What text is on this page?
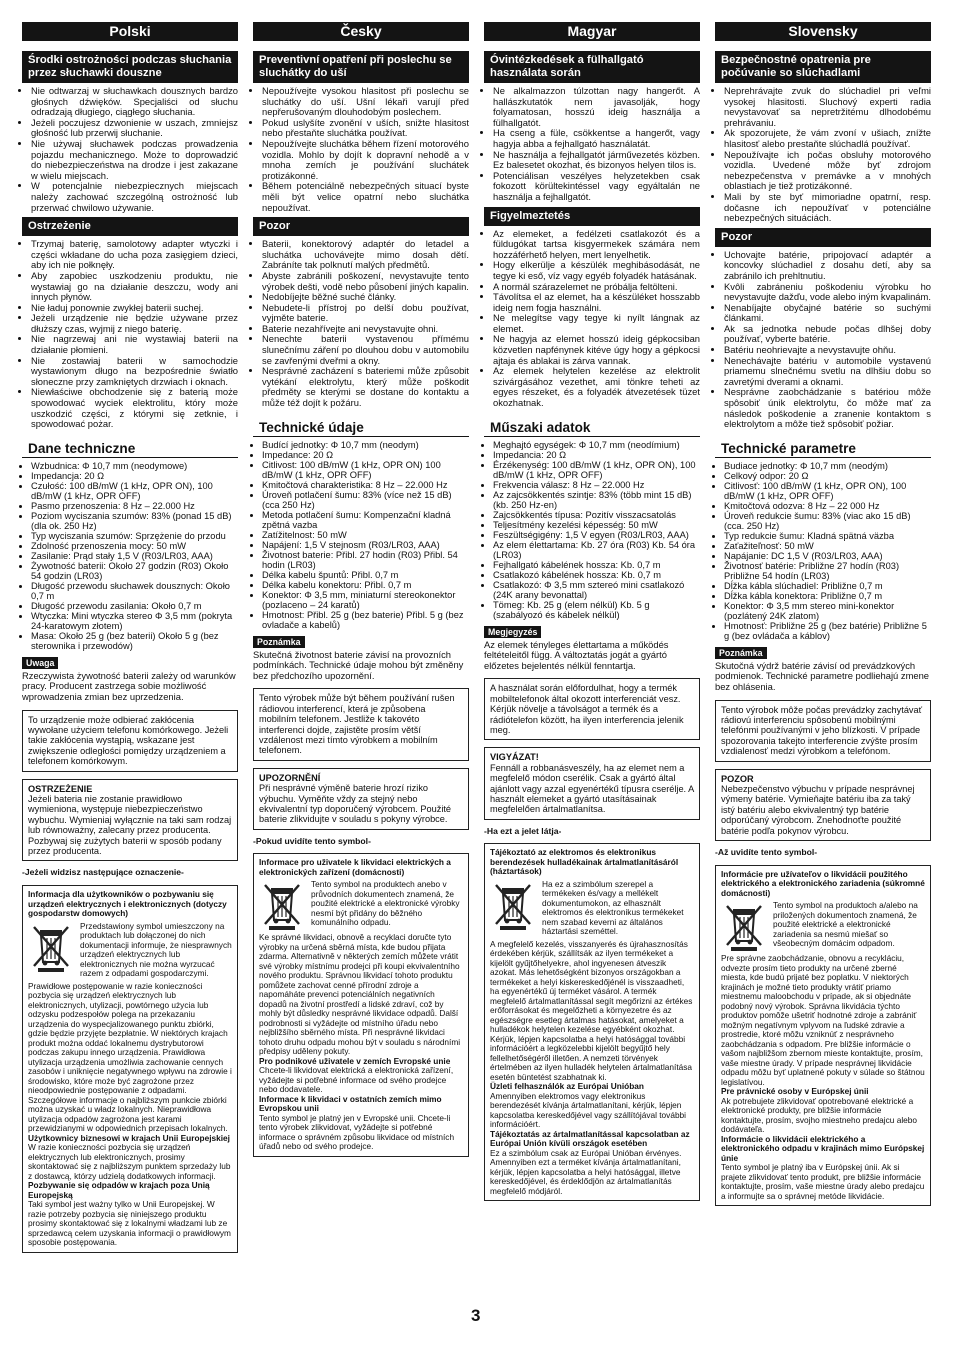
Polski
Środki ostrożności podczas słuchania przez słuchawki douszne
• Nie odtwarzaj w słuchawkach dousznych bardzo głośnych dźwięków. Specjaliści od słuchu odradzają długiego, ciągłego słuchania.
• Jeżeli poczujesz dzwonienie w uszach, zmniejsz głośność lub przerwij słuchanie.
• Nie używaj słuchawek podczas prowadzenia pojazdu mechanicznego. Może to doprowadzić do niebezpieczeństwa na drodze i jest zakazane w wielu miejscach.
• W potencjalnie niebezpiecznych miejscach należy zachować szczególną ostrożność lub przerwać chwilowo używanie.
Ostrzeżenie
• Trzymaj baterię, samolotowy adapter wtyczki i części wkładane do ucha poza zasięgiem dzieci, aby ich nie połknęły.
• Aby zapobiec uszkodzeniu produktu, nie wystawiaj go na działanie deszczu, wody ani innych płynów.
• Nie ładuj ponownie zwykłej baterii suchej.
• Jeżeli urządzenie nie będzie używane przez dłuższy czas, wyjmij z niego baterię.
• Nie nagrzewaj ani nie wystawiaj baterii na działanie płomieni.
• Nie zostawiaj baterii w samochodzie wystawionym długo na bezpośrednie światło słoneczne przy zamkniętych drzwiach i oknach.
• Niewłaściwe obchodzenie się z baterią może spowodować wyciek elektrolitu, który może uszkodzić części, z którymi się zetknie, i spowodować pożar.
Dane techniczne
• Wzbudnica: Φ 10,7 mm (neodymowe)
• Impedancja: 20 Ω
• Czułość: 100 dB/mW (1 kHz, OPR ON), 100 dB/mW (1 kHz, OPR OFF)
• Pasmo przenoszenia: 8 Hz – 22.000 Hz
• Poziom wyciszania szumów: 83% (ponad 15 dB) (dla ok. 250 Hz)
• Typ wyciszania szumów: Sprzężenie do przodu
• Zdolność przenoszenia mocy: 50 mW
• Zasilanie: Prąd stały 1,5 V (R03/LR03, AAA)
• Żywotność baterii: Około 27 godzin (R03) Około 54 godzin (LR03)
• Długość przewodu słuchawek dousznych: Około 0,7 m
• Długość przewodu zasilania: Około 0,7 m
• Wtyczka: Mini wtyczka stereo Φ 3,5 mm (pokryta 24-karatowym złotem)
• Masa: Około 25 g (bez baterii) Około 5 g (bez sterownika i przewodów)
Uwaga

Rzeczywista żywotność baterii zależy od warunków pracy. Producent zastrzega sobie możliwość wprowadzenia zmian bez uprzedzenia.

To urządzenie może odbierać zakłócenia wywołane użyciem telefonu komórkowego. Jeżeli takie zakłócenia wystąpią, wskazane jest zwiększenie odległości pomiędzy urządzeniem a telefonem komórkowym.

OSTRZEŻENIE

Jeżeli bateria nie zostanie prawidłowo wymieniona, występuje niebezpieczeństwo wybuchu. Wymieniaj wyłącznie na taki sam rodzaj lub równoważny, zalecany przez producenta. Pozbywaj się zużytych baterii w sposób podany przez producenta.

-Jeżeli widzisz następujące oznaczenie-

Informacja dla użytkowników o pozbywaniu się urządzeń elektrycznych i elektronicznych (dotyczy gospodarstw domowych)

Przedstawiony symbol umieszczony na produktach lub dołączonej do nich dokumentacji informuje, że niesprawnych urządzeń elektrycznych lub elektronicznych nie można wyrzucać razem z odpadami gospodarczymi.

Prawidłowe postępowanie w razie konieczności pozbycia się urządzeń elektrycznych lub elektronicznych, utylizacji, powtórnego użycia lub odzysku podzespołów polega na przekazaniu urządzenia do wyspecjalizowanego punktu zbiórki, gdzie będzie przyjęte bezpłatnie. W niektórych krajach produkt można oddać lokalnemu dystrybutorowi podczas zakupu innego urządzenia. Prawidłowa utylizacja urządzenia umożliwia zachowanie cennych zasobów i uniknięcie negatywnego wpływu na zdrowie i środowisko, które może być zagrożone przez nieodpowiednie postępowanie z odpadami. Szczegółowe informacje o najbliższym punkcie zbiórki można uzyskać u władz lokalnych. Nieprawidłowa utylizacja odpadów zagrożona jest karami przewidzianymi w odpowiednich przepisach lokalnych.

Użytkownicy biznesowi w krajach Unii Europejskiej

W razie konieczności pozbycia się urządzeń elektrycznych lub elektronicznych, prosimy skontaktować się z najbliższym punktem sprzedaży lub z dostawcą, którzy udzielą dodatkowych informacji.

Pozbywanie się odpadów w krajach poza Unią Europejską

Taki symbol jest ważny tylko w Unii Europejskej. W razie potrzeby pozbycia się niniejszego produktu prosimy skontaktować się z lokalnymi władzami lub ze sprzedawcą celem uzyskania informacji o prawidłowym sposobie postępowania.

Česky
Preventivní opatření při poslechu se sluchátky do uší
• Nepoužívejte vysokou hlasitost při poslechu se sluchátky do uší. Ušní lékaři varují před nepřerušovaným dlouhodobým poslechem.
• Pokud uslyšíte zvonění v uších, snižte hlasitost nebo přestaňte sluchátka používat.
• Nepoužívejte sluchátka během řízení motorového vozidla. Mohlo by dojít k dopravní nehodě a v mnoha zemích je používání sluchátek protizákonné.
• Během potenciálně nebezpečných situací byste měli být velice opatrní nebo sluchátka nepoužívat.
Pozor
• Baterii, konektorový adaptér do letadel a sluchátka uchovávejte mimo dosah dětí. Zabráníte tak polknutí malých předmětů.
• Abyste zabránili poškození, nevystavujte tento výrobek dešti, vodě nebo působení jiných kapalin.
• Nedobíjejte běžné suché články.
• Nebudete-li přístroj po delší dobu používat, vyjměte baterie.
• Baterie nezahřívejte ani nevystavujte ohni.
• Nenechte baterii vystavenou přímému slunečnímu záření po dlouhou dobu v automobilu se zavřenými dveřmi a okny.
• Nesprávné zacházení s bateriemi může způsobit vytékání elektrolytu, který může poškodit předměty se kterými se dostane do kontaktu a může též dojít k požáru.
Technické údaje
• Budící jednotky: Φ 10,7 mm (neodym)
• Impedance: 20 Ω
• Citlivost: 100 dB/mW (1 kHz, OPR ON) 100 dB/mW (1 kHz, OPR OFF)
• Kmitočtová charakteristika: 8 Hz – 22.000 Hz
• Úroveň potlačení šumu: 83% (více než 15 dB) (cca 250 Hz)
• Metoda potlačení šumu: Kompenzační kladná zpětná vazba
• Zatížitelnost: 50 mW
• Napájení: 1,5 V stejnosm (R03/LR03, AAA)
• Životnost baterie: Přibl. 27 hodin (R03) Přibl. 54 hodin (LR03)
• Délka kabelu špuntů: Přibl. 0,7 m
• Délka kabelu konektoru: Přibl. 0,7 m
• Konektor: Φ 3,5 mm, miniaturní stereokonektor (pozlaceno – 24 karatů)
• Hmotnost: Přibl. 25 g (bez baterie) Přibl. 5 g (bez ovladače a kabelů)
Poznámka

Skutečná životnost baterie závisí na provozních podmínkách. Technické údaje mohou být změněny bez předchozího upozornění.

Tento výrobek může být během používání rušen rádiovou interferencí, která je způsobena mobilním telefonem. Jestliže k takovéto interferenci dojde, zajistěte prosím větší vzdálenost mezi tímto výrobkem a mobilním telefonem.

UPOZORNĚNÍ

Při nesprávné výměně baterie hrozí riziko výbuchu. Vyměňte vždy za stejný nebo ekvivalentní typ doporučený výrobcem. Použité baterie zlikvidujte v souladu s pokyny výrobce.

-Pokud uvidíte tento symbol-

Informace pro uživatele k likvidaci elektrických a elektronických zařízení (domácnosti)

Tento symbol na produktech anebo v průvodních dokumentech znamená, že použité elektrické a elektronické výrobky nesmí být přidány do běžného komunálního odpadu.

Ke správné likvidaci, obnově a recyklaci doručte tyto výrobky na určená sběrná místa, kde budou přijata zdarma. Alternativně v některých zemích můžete vrátit své výrobky místnímu prodejci při koupi ekvivalentního nového produktu. Správnou likvidací tohoto produktu pomůžete zachovat cenné přírodní zdroje a napomáháte prevenci potenciálních negativních dopadů na životní prostředí a lidské zdraví, což by mohly být důsledky nesprávné likvidace odpadů. Další podrobnosti si vyžádejte od místního úřadu nebo nejbližšího sběrného místa. Při nesprávné likvidaci tohoto druhu odpadu mohou být v souladu s národními předpisy uděleny pokuty.

Pro podnikové uživatele v zemích Evropské unie

Chcete-li likvidovat elektrická a elektronická zařízení, vyžádejte si potřebné informace od svého prodejce nebo dodavatele.

Informace k likvidaci v ostatních zemích mimo Evropskou unii

Tento symbol je platný jen v Evropské unii. Chcete-li tento výrobek zlikvidovat, vyžádejte si potřebné informace o správném způsobu likvidace od místních úřadů nebo od svého prodejce.

Magyar
Óvintézkedések a fülhallgató használata során
• Ne alkalmazzon túlzottan nagy hangerőt. A hallászkutatók nem javasolják, hogy folyamatosan, hosszú ideig használja a fülhallgatót.
• Ha cseng a füle, csökkentse a hangerőt, vagy hagyja abba a fejhallgató használatát.
• Ne használja a fejhallgatót járművezetés közben. Ez balesetet okozhat, és bizonyos helyen tilos is.
• Potenciálisan veszélyes helyzetekben csak fokozott körültekintéssel vagy egyáltalán ne használja a fejhallgatót.
Figyelmeztetés
• Az elemeket, a fedélzeti csatlakozót és a füldugókat tartsa kisgyermekek számára nem hozzáférhető helyen, mert lenyelhetik.
• Hogy elkerülje a készülék meghibásodását, ne tegye ki eső, víz vagy egyéb folyadék hatásának.
• A normál szárazelemet ne próbálja feltölteni.
• Távolítsa el az elemet, ha a készüléket hosszabb ideig nem fogja használni.
• Ne melegítse vagy tegye ki nyílt lángnak az elemet.
• Ne hagyja az elemet hosszú ideig gépkocsiban közvetlen napfénynek kitéve úgy hogy a gépkocsi ajtaja és ablakai is zárva vannak.
• Az elemek helytelen kezelése az elektrolit szivárgásához vezethet, ami tönkre teheti az egyes részeket, és a folyadék átvezetések tüzet okozhatnak.
Műszaki adatok
• Meghajtó egységek: Φ 10,7 mm (neodímium)
• Impedancia: 20 Ω
• Érzékenység: 100 dB/mW (1 kHz, OPR ON), 100 dB/mW (1 kHz, OPR OFF)
• Frekvencia válasz: 8 Hz – 22.000 Hz
• Az zajcsökkentés szintje: 83% (több mint 15 dB) (kb. 250 Hz-en)
• Zajcsökkentés típusa: Pozitív visszacsatolás
• Teljesítmény kezelési képesség: 50 mW
• Feszültségigény: 1,5 V egyen (R03/LR03, AAA)
• Az elem élettartama: Kb. 27 óra (R03) Kb. 54 óra (LR03)
• Fejhallgató kábelének hossza: Kb. 0,7 m
• Csatlakozó kábelének hossza: Kb. 0,7 m
• Csatlakozó: Φ 3,5 mm sztereó mini csatlakozó (24K arany bevonattal)
• Tömeg: Kb. 25 g (elem nélkül) Kb. 5 g (szabályozó és kábelek nélkül)
Megjegyzés

Az elemek tényleges élettartama a működés feltételeitől függ. A változtatás jogát a gyártó előzetes bejelentés nélkül fenntartja.

A használat során előfordulhat, hogy a termék mobiltelefonok által okozott interferenciát vesz. Kérjük növelje a távolságot a termék és a rádiótelefon között, ha ilyen interferencia jelenik meg.

VIGYÁZAT!

Fennáll a robbanásveszély, ha az elemet nem a megfelelő módon cserélik. Csak a gyártó által ajánlott vagy azzal egyenértékű típusra cserélje. A használt elemeket a gyártó utasításainak megfelelően ártalmatlanítsa.

-Ha ezt a jelet látja-

Tájékoztató az elektromos és elektronikus berendezések hulladékainak ártalmatlanításáról (háztartások)

Ha ez a szimbólum szerepel a termékeken és/vagy a mellékelt dokumentumokon, az elhasznált elektromos és elektronikus termékeket nem szabad keverni az általános háztartási szeméttel.

A megfelelő kezelés, visszanyerés és újrahasznosítás érdekében kérjük, szállítsák az ilyen termékeket a kijelölt gyűjtőhelyekre, ahol ingyenesen átveszik azokat. Más lehetőségként bizonyos országokban a termékeket a helyi kiskereskedőjénél is visszaadheti, ha egyenértékű új terméket vásárol. A termék megfelelő ártalmatlanítással segít megőrizni az értékes erőforrásokat és megelőzheti a környezetre és az egészségre esetleg ártalmas hatásokat, amelyeket a hulladékok helytelen kezelése egyébként okozhat. Kérjük, lépjen kapcsolatba a helyi hatósággal további információért a legközelebbi kijelölt begyűjtő hely fellelhetőségéről illetően. A nemzeti törvények értelmében az ilyen hulladék helytelen ártalmatlanítása esetén büntetést szabhatnak ki.

Üzleti felhasználók az Európai Unióban

Amennyiben elektromos vagy elektronikus berendezését kívánja ártalmatlanítani, kérjük, lépjen kapcsolatba kereskedőjével vagy szállítójával további információért.

Tájékoztatás az ártalmatlanítással kapcsolatban az Európai Unión kívüli országok esetében

Ez a szimbólum csak az Európai Unióban érvényes. Amennyiben ezt a terméket kívánja ártalmatlanítani, kérjük, lépjen kapcsolatba a helyi hatósággal, illetve kereskedőjével, és érdeklődjön az ártalmatlanítás megfelelő módjáról.

Slovensky
Bezpečnostné opatrenia pre počúvanie so slúchadlami
• Neprehrávajte zvuk do slúchadiel pri veľmi vysokej hlasitosti. Sluchový experti radia nevystavovať sa nepretržitému dlhodobému prehrávaniu.
• Ak spozorujete, že vám zvoní v ušiach, znížte hlasitosť alebo prestaňte slúchadlá používať.
• Nepoužívajte ich počas obsluhy motorového vozidla. Uvedené môže byť zdrojom nebezpečenstva v premávke a v mnohých oblastiach je tiež protizákonné.
• Mali by ste byť mimoriadne opatrní, resp. dočasne ich nepoužívať v potenciálne nebezpečných situáciách.
Pozor
• Uchovajte batérie, pripojovací adaptér a koncovky slúchadiel z dosahu detí, aby sa zabránilo ich prehltnutiu.
• Kvôli zabráneniu poškodeniu výrobku ho nevystavujte dažďu, vode alebo iným kvapalinám.
• Nenabíjajte obyčajné batérie so suchými článkami.
• Ak sa jednotka nebude počas dlhšej doby používať, vyberte batérie.
• Batériu neohrievajte a nevystavujte ohňu.
• Nenechávajte batériu v automobile vystavenú priamemu slnečnému svetlu na dlhšiu dobu so zavretými dverami a oknami.
• Nesprávne zaobchádzanie s batériou môže spôsobiť únik elektrolytu, čo môže mať za následok poškodenie a zranenie kontaktom s elektrolytom a môže tiež spôsobiť požiar.
Technické parametre
• Budiace jednotky: Φ 10,7 mm (neodým)
• Celkový odpor: 20 Ω
• Citlivosť: 100 dB/mW (1 kHz, OPR ON), 100 dB/mW (1 kHz, OPR OFF)
• Kmitočtová odozva: 8 Hz – 22 000 Hz
• Úroveň redukcie šumu: 83% (viac ako 15 dB) (cca. 250 Hz)
• Typ redukcie šumu: Kladná spätná väzba
• Zaťažiteľnosť: 50 mW
• Napájanie: DC 1,5 V (R03/LR03, AAA)
• Životnosť batérie: Približne 27 hodín (R03) Približne 54 hodín (LR03)
• Dĺžka kábla slúchadiel: Približne 0,7 m
• Dĺžka kábla konektora: Približne 0,7 m
• Konektor: Φ 3,5 mm stereo mini-konektor (pozlátený 24K zlatom)
• Hmotnosť: Približne 25 g (bez batérie) Približne 5 g (bez ovládača a káblov)
Poznámka

Skutočná výdrž batérie závisí od prevádzkových podmienok. Technické parametre podliehajú zmene bez ohlásenia.

Tento výrobok môže počas prevádzky zachytávať rádiovú interferenciu spôsobenú mobilnými telefónmi používanými v jeho blízkosti. V prípade spozorovania takejto interferencie zvýšte prosím vzdialenosť medzi výrobkom a telefónom.

POZOR

Nebezpečenstvo výbuchu v prípade nesprávnej výmeny batérie. Vymieňajte batériu iba za taký istý batériu alebo ekvivalentný typ batérie odporúčaný výrobcom. Znehodnoťte použité batérie podľa pokynov výrobcu.

-Až uvidíte tento symbol-

Informácie pre užívateľov o likvidácii použitého elektrického a elektronického zariadenia (súkromné domácnosti)

Tento symbol na produktoch a/alebo na priložených dokumentoch znamená, že použité elektrické a elektronické zariadenia sa nesmú miešať so všeobecným domácim odpadom.

Pre správne zaobchádzanie, obnovu a recykláciu, odvezte prosím tieto produkty na určené zberné miesta, kde budú prijaté bez poplatku. V niektorých krajinách je možné tieto produkty vrátiť priamo miestnemu maloobchodu v prípade, ak si objednáte podobný nový výrobok. Správna likvidácia týchto produktov pomôže ušetriť hodnotné zdroje a zabrániť možným negatívnym vplyvom na ľudské zdravie a prostredie, ktoré môžu vzniknúť z nesprávneho zaobchádzania s odpadom. Pre bližšie informácie o vašom najbližšom zbernom mieste kontaktujte, prosím, vaše miestne úrady. V prípade nesprávnej likvidácie odpadu môžu byť uplatnené pokuty v súlade so štátnou legislatívou.

Pre právnické osoby v Európskej únii

Ak potrebujete zlikvidovať opotrebované elektrické a elektronické produkty, pre bližšie informácie kontaktujte, prosím, svojho miestneho predajcu alebo dodávateľa.

Informácie o likvidácii elektrického a elektronického odpadu v krajinách mimo Európskej únie

Tento symbol je platný iba v Európskej únii. Ak si prajete zlikvidovať tento produkt, pre bližšie informácie kontaktujte, prosím, vaše miestne úrady alebo predajcu a informujte sa o správnej metóde likvidácie.

3
